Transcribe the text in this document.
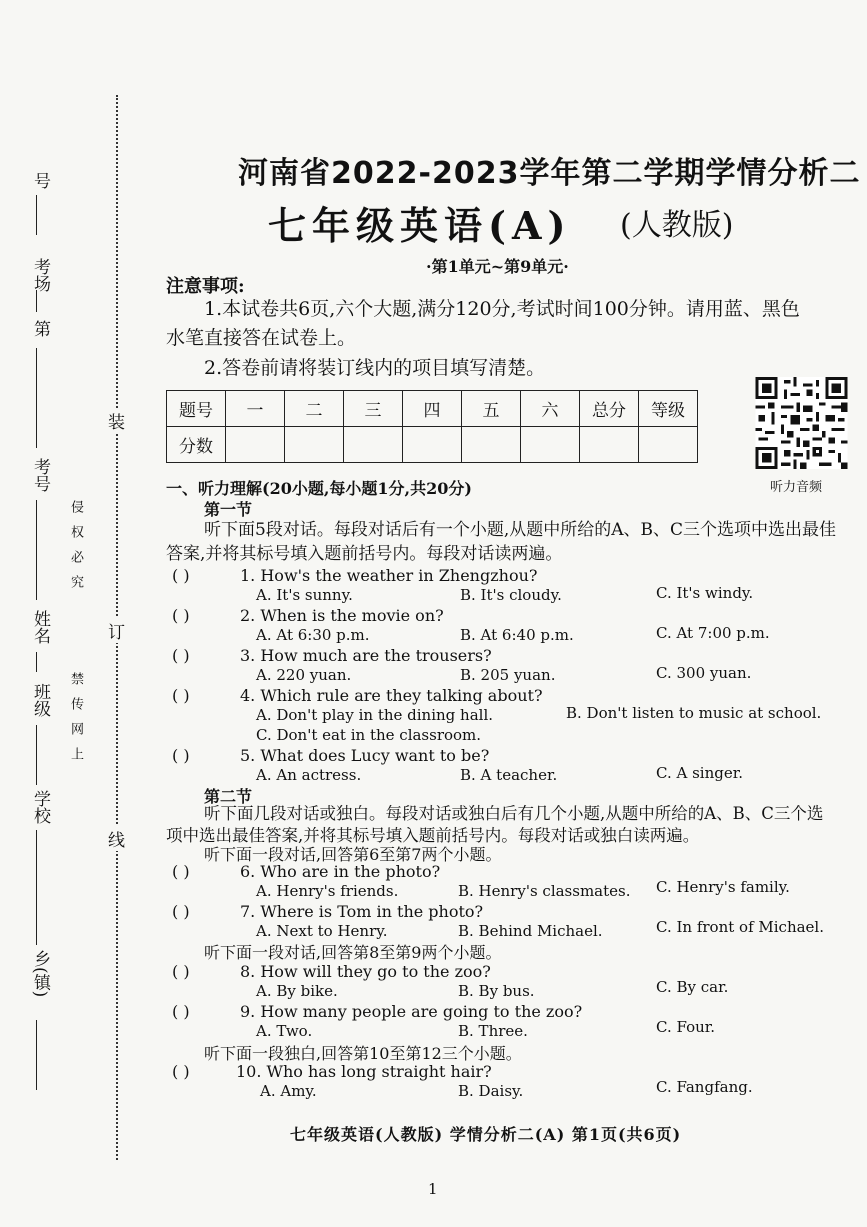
号
考场
第
考号
姓名
班级
学校
乡(镇)
侵权必究
禁传网上
装
订
线
河南省2022-2023学年第二学期学情分析二
七年级英语(A) (人教版)
·第1单元~第9单元·
注意事项:
1.本试卷共6页,六个大题,满分120分,考试时间100分钟。请用蓝、黑色
水笔直接答在试卷上。
2.答卷前请将装订线内的项目填写清楚。
题号	一	二	三	四	五	六	总分	等级
分数								
听力音频
一、听力理解(20小题,每小题1分,共20分)
第一节
听下面5段对话。每段对话后有一个小题,从题中所给的A、B、C三个选项中选出最佳
答案,并将其标号填入题前括号内。每段对话读两遍。
( )	1. How's the weather in Zhengzhou?
A. It's sunny.	B. It's cloudy.	C. It's windy.
( )	2. When is the movie on?
A. At 6:30 p.m.	B. At 6:40 p.m.	C. At 7:00 p.m.
( )	3. How much are the trousers?
A. 220 yuan.	B. 205 yuan.	C. 300 yuan.
( )	4. Which rule are they talking about?
A. Don't play in the dining hall.	B. Don't listen to music at school.
C. Don't eat in the classroom.
( )	5. What does Lucy want to be?
A. An actress.	B. A teacher.	C. A singer.
第二节
听下面几段对话或独白。每段对话或独白后有几个小题,从题中所给的A、B、C三个选
项中选出最佳答案,并将其标号填入题前括号内。每段对话或独白读两遍。
听下面一段对话,回答第6至第7两个小题。
( )	6. Who are in the photo?
A. Henry's friends.	B. Henry's classmates. C. Henry's family.
( )	7. Where is Tom in the photo?
A. Next to Henry.	B. Behind Michael.	C. In front of Michael.
听下面一段对话,回答第8至第9两个小题。
( )	8. How will they go to the zoo?
A. By bike.	B. By bus.	C. By car.
( )	9. How many people are going to the zoo?
A. Two.	B. Three.	C. Four.
听下面一段独白,回答第10至第12三个小题。
( )	10. Who has long straight hair?
A. Amy.	B. Daisy.	C. Fangfang.
七年级英语(人教版) 学情分析二(A) 第1页(共6页)
1
